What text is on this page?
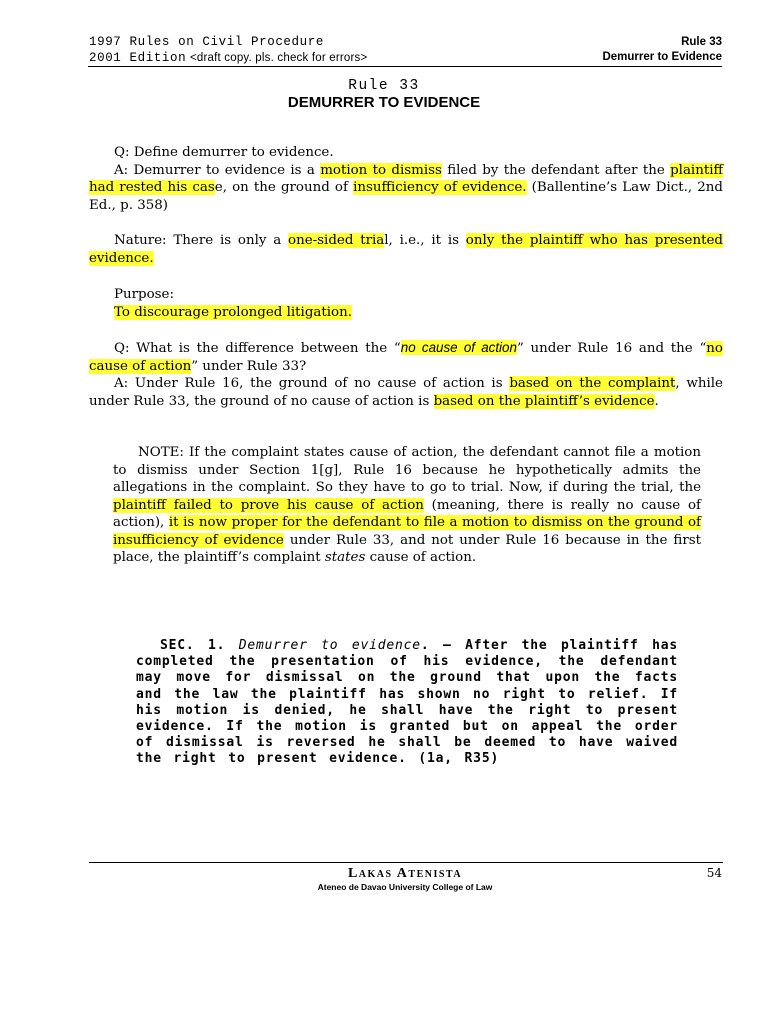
1997 Rules on Civil Procedure
2001 Edition <draft copy. pls. check for errors>
Rule 33
Demurrer to Evidence
Rule 33
DEMURRER TO EVIDENCE
Q: Define demurrer to evidence.
A: Demurrer to evidence is a motion to dismiss filed by the defendant after the plaintiff had rested his case, on the ground of insufficiency of evidence. (Ballentine’s Law Dict., 2nd Ed., p. 358)
Nature: There is only a one-sided trial, i.e., it is only the plaintiff who has presented evidence.
Purpose:
To discourage prolonged litigation.
Q: What is the difference between the “no cause of action” under Rule 16 and the “no cause of action” under Rule 33?
A: Under Rule 16, the ground of no cause of action is based on the complaint, while under Rule 33, the ground of no cause of action is based on the plaintiff’s evidence.
NOTE: If the complaint states cause of action, the defendant cannot file a motion to dismiss under Section 1[g], Rule 16 because he hypothetically admits the allegations in the complaint. So they have to go to trial. Now, if during the trial, the plaintiff failed to prove his cause of action (meaning, there is really no cause of action), it is now proper for the defendant to file a motion to dismiss on the ground of insufficiency of evidence under Rule 33, and not under Rule 16 because in the first place, the plaintiff’s complaint states cause of action.
SEC. 1. Demurrer to evidence. – After the plaintiff has completed the presentation of his evidence, the defendant may move for dismissal on the ground that upon the facts and the law the plaintiff has shown no right to relief. If his motion is denied, he shall have the right to present evidence. If the motion is granted but on appeal the order of dismissal is reversed he shall be deemed to have waived the right to present evidence. (1a, R35)
Lakas Atenista
Ateneo de Davao University College of Law
54
